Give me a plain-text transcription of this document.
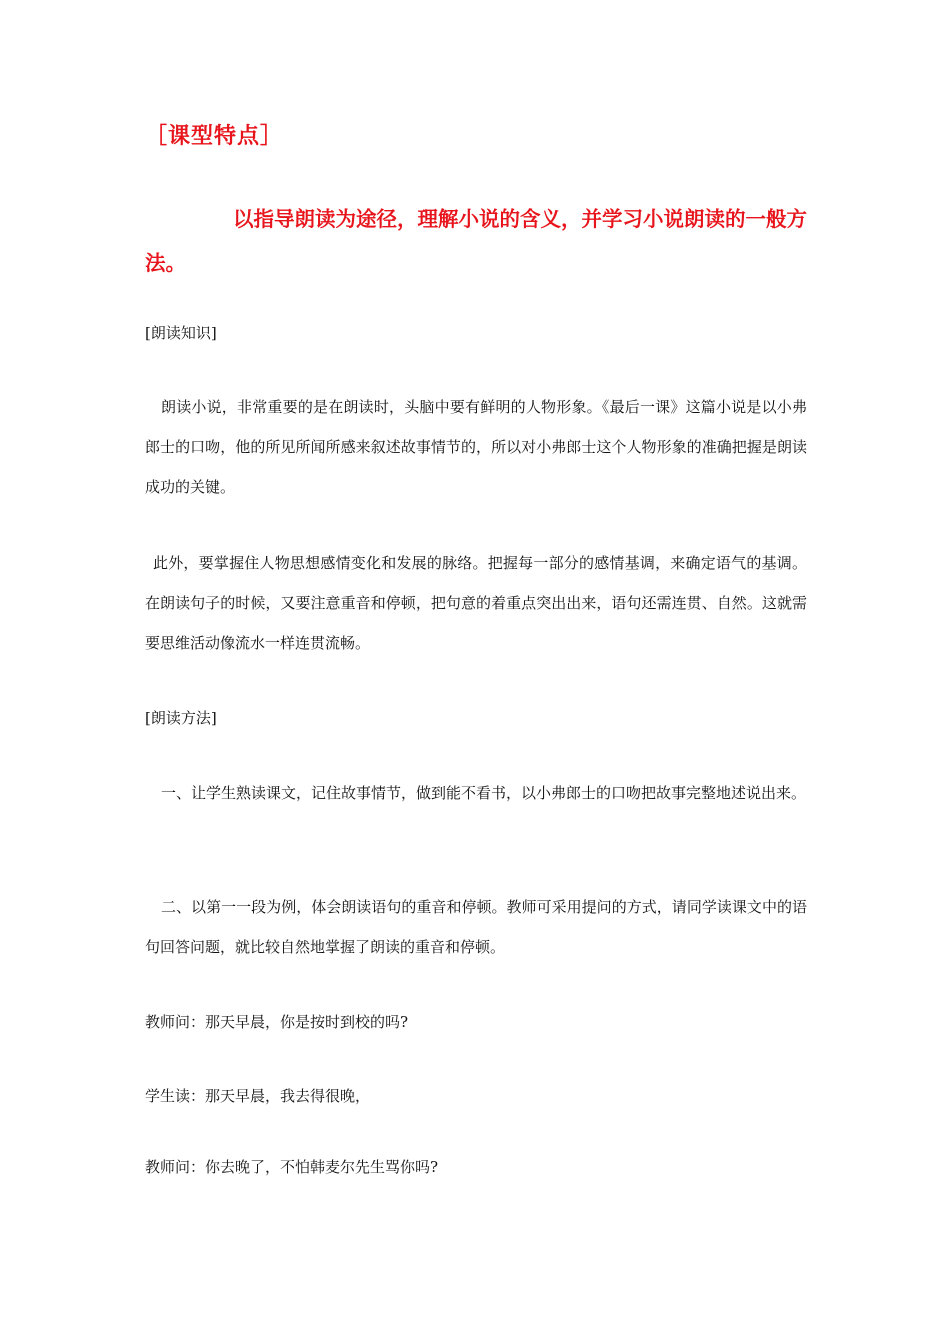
［课型特点］

以指导朗读为途径，理解小说的含义，并学习小说朗读的一般方法。

[朗读知识]

朗读小说，非常重要的是在朗读时，头脑中要有鲜明的人物形象。《最后一课》这篇小说是以小弗郎士的口吻，他的所见所闻所感来叙述故事情节的，所以对小弗郎士这个人物形象的准确把握是朗读成功的关键。

此外，要掌握住人物思想感情变化和发展的脉络。把握每一部分的感情基调，来确定语气的基调。在朗读句子的时候，又要注意重音和停顿，把句意的着重点突出出来，语句还需连贯、自然。这就需要思维活动像流水一样连贯流畅。

[朗读方法]

一、让学生熟读课文，记住故事情节，做到能不看书，以小弗郎士的口吻把故事完整地述说出来。

二、以第一一段为例，体会朗读语句的重音和停顿。教师可采用提问的方式，请同学读课文中的语句回答问题，就比较自然地掌握了朗读的重音和停顿。

教师问：那天早晨，你是按时到校的吗?
学生读：那天早晨，我去得很晚，
教师问：你去晚了，不怕韩麦尔先生骂你吗?
